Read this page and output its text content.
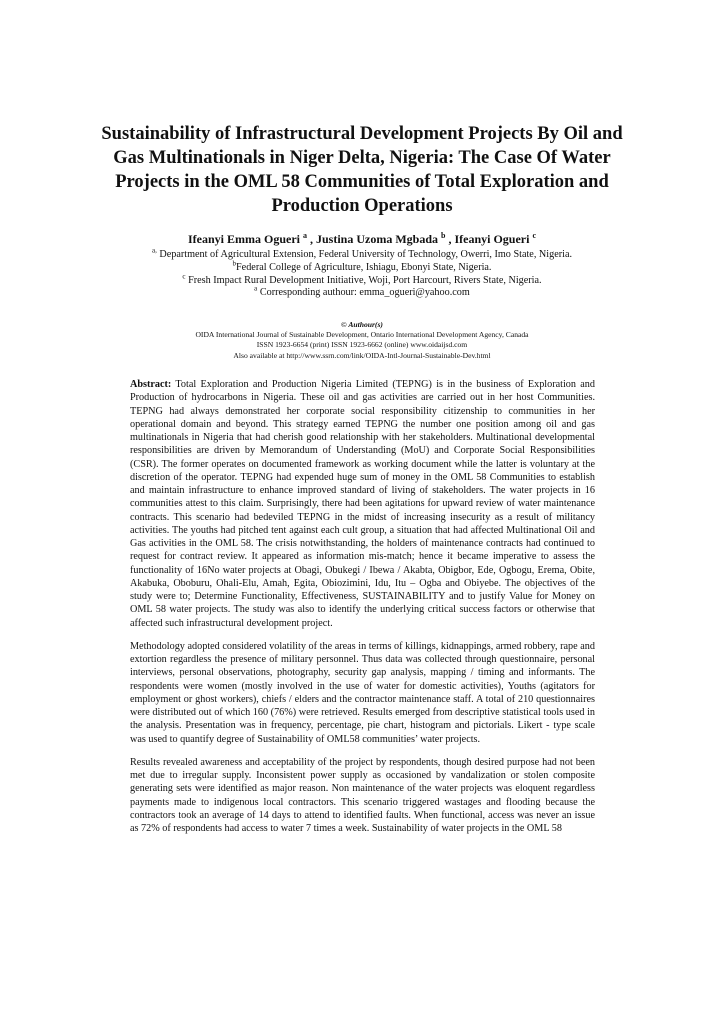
Sustainability of Infrastructural Development Projects By Oil and Gas Multinationals in Niger Delta, Nigeria: The Case Of Water Projects in the OML 58 Communities of Total Exploration and Production Operations
Ifeanyi Emma Ogueri $^a$ , Justina Uzoma Mgbada $^b$ , Ifeanyi Ogueri $^c$
$^{a,}$ Department of Agricultural Extension, Federal University of Technology, Owerri, Imo State, Nigeria.
$^b$Federal College of Agriculture, Ishiagu, Ebonyi State, Nigeria.
$^c$ Fresh Impact Rural Development Initiative, Woji, Port Harcourt, Rivers State, Nigeria.
$^a$ Corresponding authour: emma_ogueri@yahoo.com
© Authour(s)
OIDA International Journal of Sustainable Development, Ontario International Development Agency, Canada
ISSN 1923-6654 (print) ISSN 1923-6662 (online) www.oidaijsd.com
Also available at http://www.ssrn.com/link/OIDA-Intl-Journal-Sustainable-Dev.html

Abstract: Total Exploration and Production Nigeria Limited (TEPNG) is in the business of Exploration and Production of hydrocarbons in Nigeria. These oil and gas activities are carried out in her host Communities. TEPNG had always demonstrated her corporate social responsibility citizenship to communities in her operational domain and beyond. This strategy earned TEPNG the number one position among oil and gas multinationals in Nigeria that had cherish good relationship with her stakeholders. Multinational developmental responsibilities are driven by Memorandum of Understanding (MoU) and Corporate Social Responsibilities (CSR). The former operates on documented framework as working document while the latter is voluntary at the discretion of the operator. TEPNG had expended huge sum of money in the OML 58 Communities to establish and maintain infrastructure to enhance improved standard of living of stakeholders. The water projects in 16 communities attest to this claim. Surprisingly, there had been agitations for upward review of water maintenance contracts. This scenario had bedeviled TEPNG in the midst of increasing insecurity as a result of militancy activities. The youths had pitched tent against each cult group, a situation that had affected Multinational Oil and Gas activities in the OML 58. The crisis notwithstanding, the holders of maintenance contracts had continued to request for contract review. It appeared as information mis-match; hence it became imperative to assess the functionality of 16No water projects at Obagi, Obukegi / Ibewa / Akabta, Obigbor, Ede, Ogbogu, Erema, Obite, Akabuka, Oboburu, Ohali-Elu, Amah, Egita, Obiozimini, Idu, Itu – Ogba and Obiyebe. The objectives of the study were to; Determine Functionality, Effectiveness, SUSTAINABILITY and to justify Value for Money on OML 58 water projects. The study was also to identify the underlying critical success factors or otherwise that affected such infrastructural development project.

Methodology adopted considered volatility of the areas in terms of killings, kidnappings, armed robbery, rape and extortion regardless the presence of military personnel. Thus data was collected through questionnaire, personal interviews, personal observations, photography, security gap analysis, mapping / timing and informants. The respondents were women (mostly involved in the use of water for domestic activities), Youths (agitators for employment or ghost workers), chiefs / elders and the contractor maintenance staff. A total of 210 questionnaires were distributed out of which 160 (76%) were retrieved. Results emerged from descriptive statistical tools used in the analysis. Presentation was in frequency, percentage, pie chart, histogram and pictorials. Likert - type scale was used to quantify degree of Sustainability of OML58 communities’ water projects.

Results revealed awareness and acceptability of the project by respondents, though desired purpose had not been met due to irregular supply. Inconsistent power supply as occasioned by vandalization or stolen composite generating sets were identified as major reason. Non maintenance of the water projects was eloquent regardless payments made to indigenous local contractors. This scenario triggered wastages and flooding because the contractors took an average of 14 days to attend to identified faults. When functional, access was never an issue as 72% of respondents had access to water 7 times a week. Sustainability of water projects in the OML 58
